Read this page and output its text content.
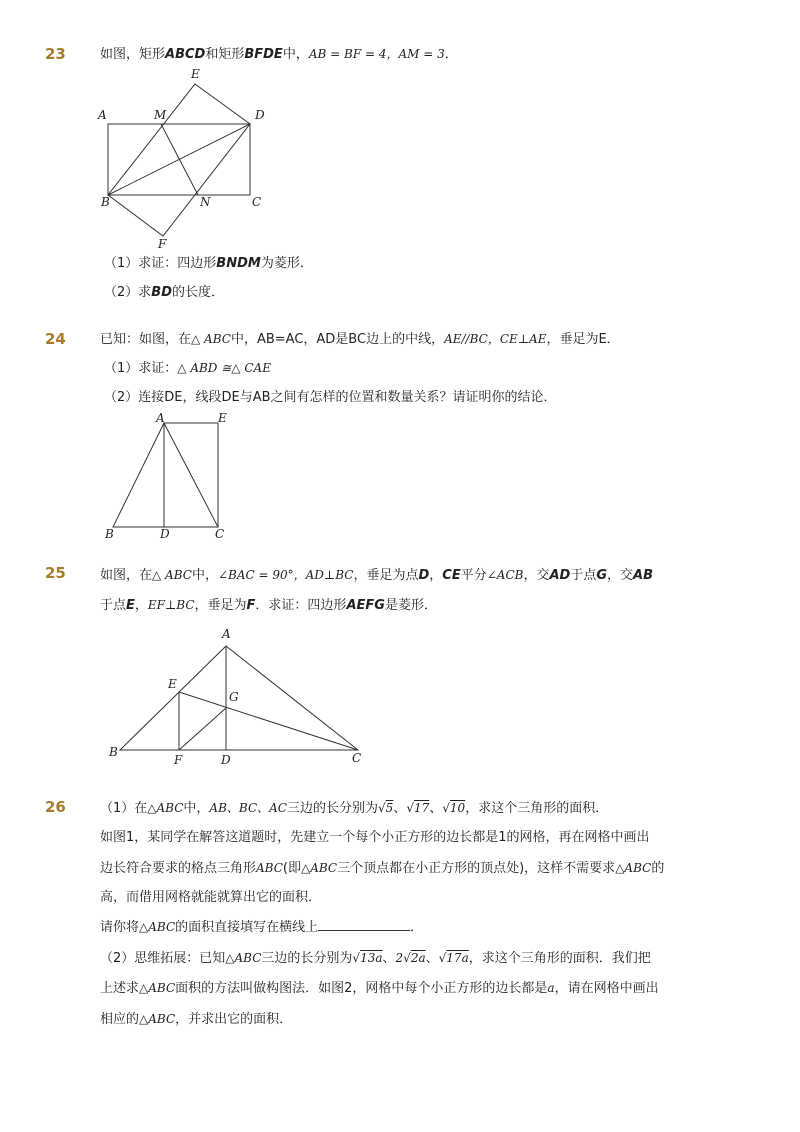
23	如图，矩形ABCD和矩形BFDE中，AB = BF = 4，AM = 3．
A	M	D
E
B	N	C
F
（1）求证：四边形BNDM为菱形．
（2）求BD的长度．
24	已知：如图，在△ ABC中，AB=AC，AD是BC边上的中线，AE//BC，CE⊥AE，垂足为E．
（1）求证：△ ABD ≅△ CAE
（2）连接DE，线段DE与AB之间有怎样的位置和数量关系？请证明你的结论．
A	E
B	D	C
25	如图，在△ ABC中，∠BAC = 90°，AD⊥BC，垂足为点D，CE平分∠ACB，交AD于点G，交AB
于点E，EF⊥BC，垂足为F．求证：四边形AEFG是菱形．
A
E
G
B
F	D	C
26	（1）在△ABC中，AB、BC、AC三边的长分别为√5、√17、√10，求这个三角形的面积．
如图1，某同学在解答这道题时，先建立一个每个小正方形的边长都是1的网格，再在网格中画出
边长符合要求的格点三角形ABC(即△ABC三个顶点都在小正方形的顶点处)，这样不需要求△ABC的
高，而借用网格就能就算出它的面积．
请你将△ABC的面积直接填写在横线上	．
（2）思维拓展：已知△ABC三边的长分别为√13a、2√2a、√17a，求这个三角形的面积．我们把
上述求△ABC面积的方法叫做构图法．如图2，网格中每个小正方形的边长都是a，请在网格中画出
相应的△ABC，并求出它的面积．
